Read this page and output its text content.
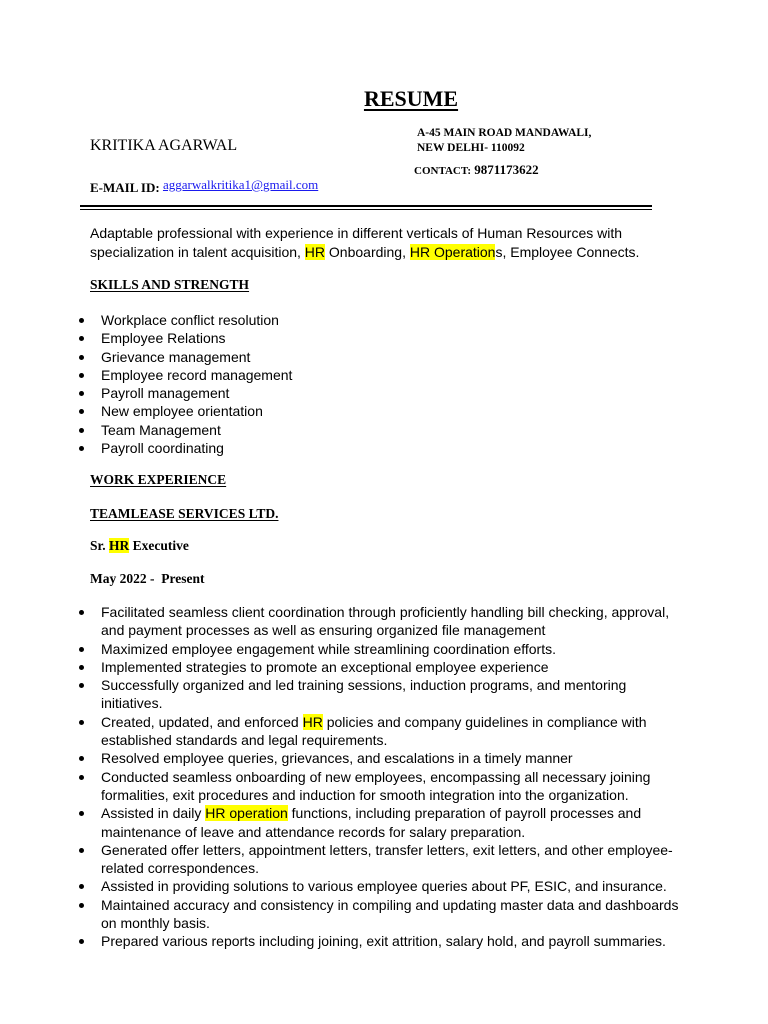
RESUME
KRITIKA AGARWAL
A-45 MAIN ROAD MANDAWALI,
NEW DELHI- 110092
CONTACT: 9871173622
E-MAIL ID: aggarwalkritika1@gmail.com
Adaptable professional with experience in different verticals of Human Resources with specialization in talent acquisition, HR Onboarding, HR Operations, Employee Connects.
SKILLS AND STRENGTH
Workplace conflict resolution
Employee Relations
Grievance management
Employee record management
Payroll management
New employee orientation
Team Management
Payroll coordinating
WORK EXPERIENCE
TEAMLEASE SERVICES LTD.
Sr. HR Executive
May 2022 -  Present
Facilitated seamless client coordination through proficiently handling bill checking, approval, and payment processes as well as ensuring organized file management
Maximized employee engagement while streamlining coordination efforts.
Implemented strategies to promote an exceptional employee experience
Successfully organized and led training sessions, induction programs, and mentoring initiatives.
Created, updated, and enforced HR policies and company guidelines in compliance with established standards and legal requirements.
Resolved employee queries, grievances, and escalations in a timely manner
Conducted seamless onboarding of new employees, encompassing all necessary joining formalities, exit procedures and induction for smooth integration into the organization.
Assisted in daily HR operation functions, including preparation of payroll processes and maintenance of leave and attendance records for salary preparation.
Generated offer letters, appointment letters, transfer letters, exit letters, and other employee-related correspondences.
Assisted in providing solutions to various employee queries about PF, ESIC, and insurance.
Maintained accuracy and consistency in compiling and updating master data and dashboards on monthly basis.
Prepared various reports including joining, exit attrition, salary hold, and payroll summaries.
